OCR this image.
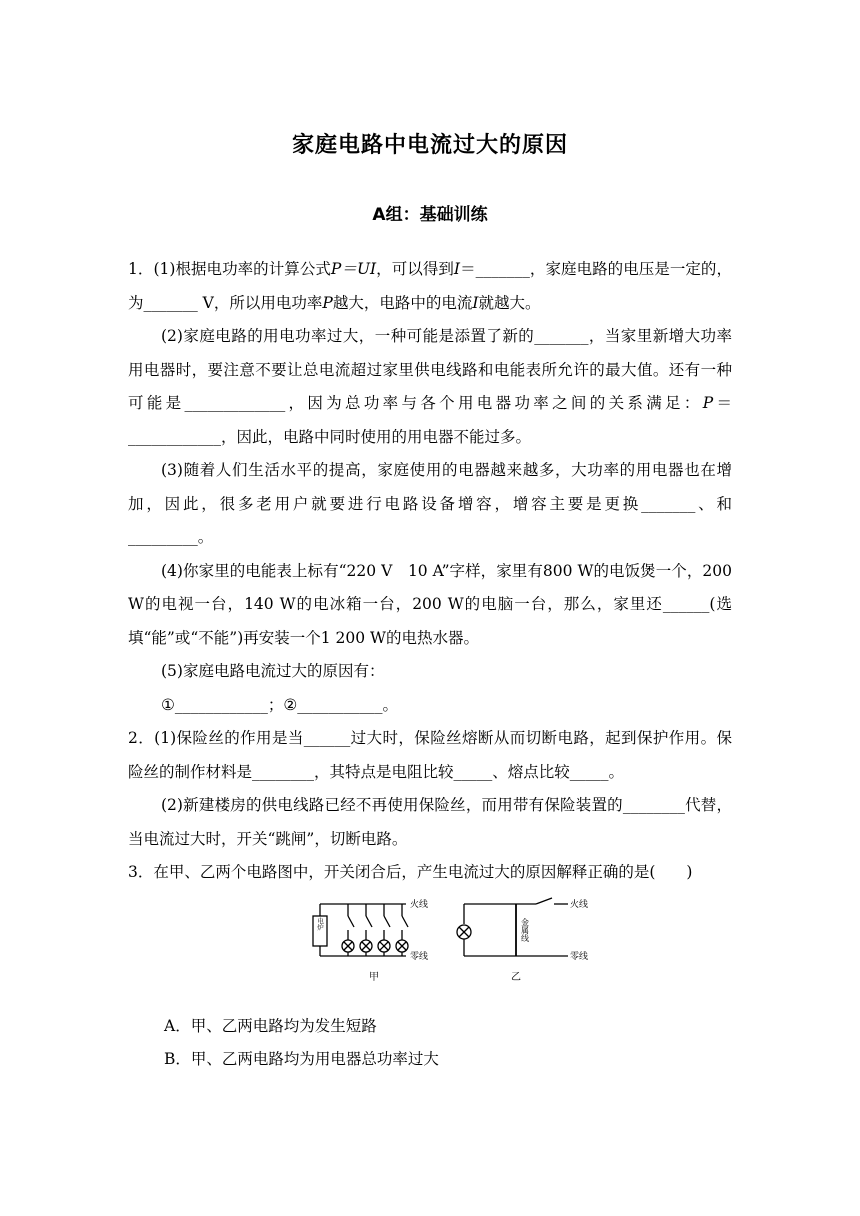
家庭电路中电流过大的原因
A组：基础训练

1．(1)根据电功率的计算公式P＝UI，可以得到I＝_______，家庭电路的电压是一定的，为_______ V，所以用电功率P越大，电路中的电流I就越大。

(2)家庭电路的用电功率过大，一种可能是添置了新的_______，当家里新增大功率用电器时，要注意不要让总电流超过家里供电线路和电能表所允许的最大值。还有一种可能是_____________，因为总功率与各个用电器功率之间的关系满足：P＝____________，因此，电路中同时使用的用电器不能过多。

(3)随着人们生活水平的提高，家庭使用的电器越来越多，大功率的用电器也在增加，因此，很多老用户就要进行电路设备增容，增容主要是更换_______、和_________。

(4)你家里的电能表上标有“220 V　10 A”字样，家里有800 W的电饭煲一个，200 W的电视一台，140 W的电冰箱一台，200 W的电脑一台，那么，家里还______(选填“能”或“不能”)再安装一个1 200 W的电热水器。

(5)家庭电路电流过大的原因有：

①____________；②___________。

2．(1)保险丝的作用是当______过大时，保险丝熔断从而切断电路，起到保护作用。保险丝的制作材料是________，其特点是电阻比较_____、熔点比较_____。

(2)新建楼房的供电线路已经不再使用保险丝，而用带有保险装置的________代替，当电流过大时，开关“跳闸”，切断电路。

3．在甲、乙两个电路图中，开关闭合后，产生电流过大的原因解释正确的是(　　)

电炉
火线
零线
甲
金属线
火线
零线
乙

A．甲、乙两电路均为发生短路

B．甲、乙两电路均为用电器总功率过大
